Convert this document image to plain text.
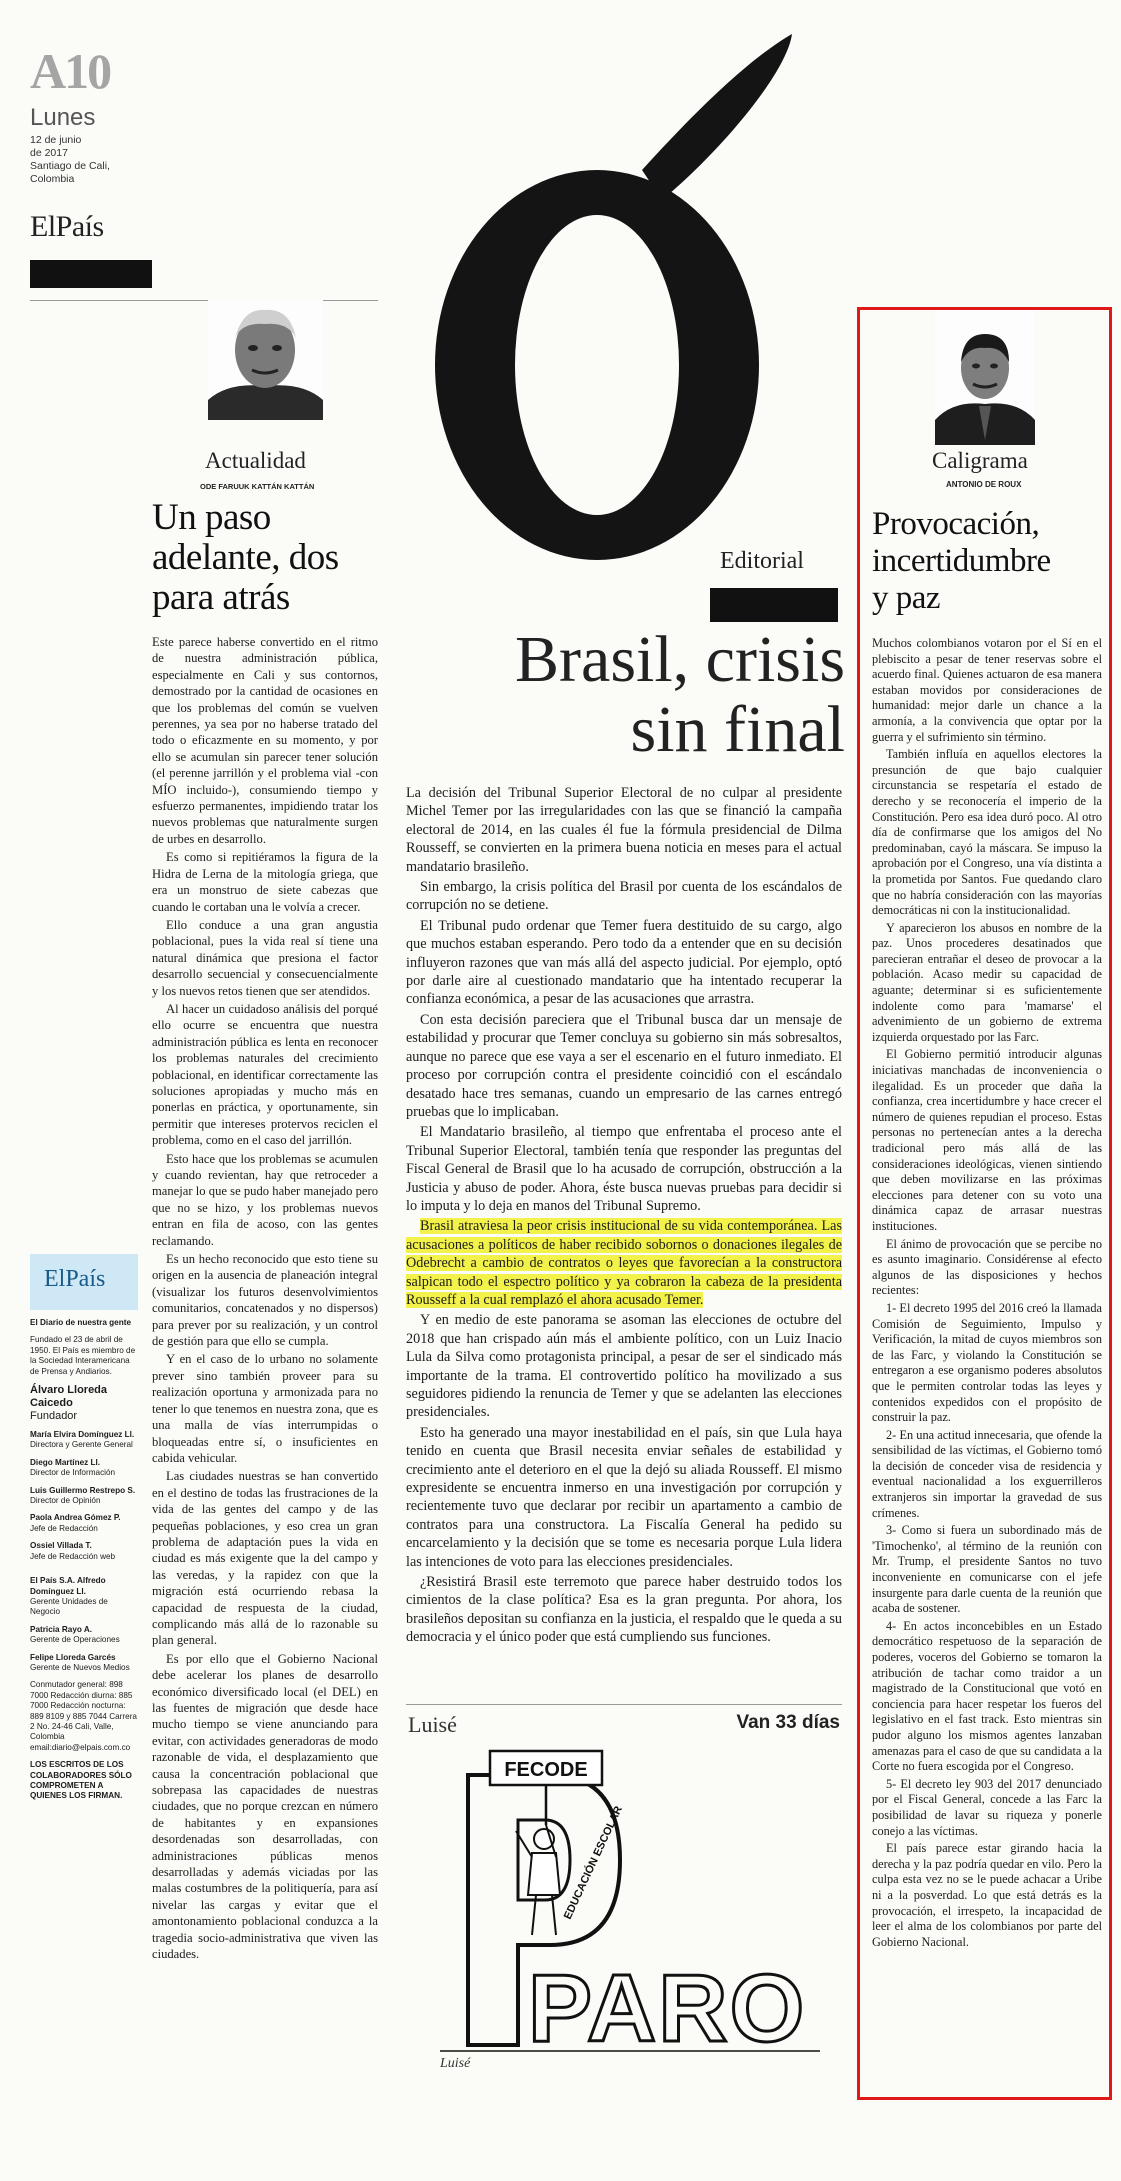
A10
Lunes
12 de junio
de 2017
Santiago de Cali,
Colombia
ElPaís
Actualidad
ODE FARUUK KATTÁN KATTÁN
Un paso
adelante, dos
para atrás

Este parece haberse convertido en el ritmo de nuestra administración pública, especialmente en Cali y sus contornos, demostrado por la cantidad de ocasiones en que los problemas del común se vuelven perennes, ya sea por no haberse tratado del todo o eficazmente en su momento, y por ello se acumulan sin parecer tener solución (el perenne jarrillón y el problema vial -con MÍO incluido-), consumiendo tiempo y esfuerzo permanentes, impidiendo tratar los nuevos problemas que naturalmente surgen de urbes en desarrollo.

Es como si repitiéramos la figura de la Hidra de Lerna de la mitología griega, que era un monstruo de siete cabezas que cuando le cortaban una le volvía a crecer.

Ello conduce a una gran angustia poblacional, pues la vida real sí tiene una natural dinámica que presiona el factor desarrollo secuencial y consecuencialmente y los nuevos retos tienen que ser atendidos.

Al hacer un cuidadoso análisis del porqué ello ocurre se encuentra que nuestra administración pública es lenta en reconocer los problemas naturales del crecimiento poblacional, en identificar correctamente las soluciones apropiadas y mucho más en ponerlas en práctica, y oportunamente, sin permitir que intereses protervos reciclen el problema, como en el caso del jarrillón.

Esto hace que los problemas se acumulen y cuando revientan, hay que retroceder a manejar lo que se pudo haber manejado pero que no se hizo, y los problemas nuevos entran en fila de acoso, con las gentes reclamando.

Es un hecho reconocido que esto tiene su origen en la ausencia de planeación integral (visualizar los futuros desenvolvimientos comunitarios, concatenados y no dispersos) para prever por su realización, y un control de gestión para que ello se cumpla.

Y en el caso de lo urbano no solamente prever sino también proveer para su realización oportuna y armonizada para no tener lo que tenemos en nuestra zona, que es una malla de vías interrumpidas o bloqueadas entre sí, o insuficientes en cabida vehicular.

Las ciudades nuestras se han convertido en el destino de todas las frustraciones de la vida de las gentes del campo y de las pequeñas poblaciones, y eso crea un gran problema de adaptación pues la vida en ciudad es más exigente que la del campo y las veredas, y la rapidez con que la migración está ocurriendo rebasa la capacidad de respuesta de la ciudad, complicando más allá de lo razonable su plan general.

Es por ello que el Gobierno Nacional debe acelerar los planes de desarrollo económico diversificado local (el DEL) en las fuentes de migración que desde hace mucho tiempo se viene anunciando para evitar, con actividades generadoras de modo razonable de vida, el desplazamiento que causa la concentración poblacional que sobrepasa las capacidades de nuestras ciudades, que no porque crezcan en número de habitantes y en expansiones desordenadas son desarrolladas, con administraciones públicas menos desarrolladas y además viciadas por las malas costumbres de la politiquería, para así nivelar las cargas y evitar que el amontonamiento poblacional conduzca a la tragedia socio-administrativa que viven las ciudades.

ElPaís

El Diario de nuestra gente

Fundado el 23 de abril de 1950. El País es miembro de la Sociedad Interamericana de Prensa y Andiarios.

Álvaro Lloreda Caicedo
Fundador

María Elvira Domínguez Ll.
Directora y Gerente General

Diego Martínez Ll.
Director de Información

Luis Guillermo Restrepo S.
Director de Opinión

Paola Andrea Gómez P.
Jefe de Redacción

Ossiel Villada T.
Jefe de Redacción web

El País S.A. Alfredo Domínguez Ll.
Gerente Unidades de Negocio

Patricia Rayo A.
Gerente de Operaciones

Felipe Lloreda Garcés
Gerente de Nuevos Medios

Conmutador general: 898 7000 Redacción diurna: 885 7000 Redacción nocturna: 889 8109 y 885 7044 Carrera 2 No. 24-46 Cali, Valle, Colombia email:diario@elpais.com.co

LOS ESCRITOS DE LOS COLABORADORES SÓLO COMPROMETEN A QUIENES LOS FIRMAN.

Editorial
Brasil, crisis
sin final

La decisión del Tribunal Superior Electoral de no culpar al presidente Michel Temer por las irregularidades con las que se financió la campaña electoral de 2014, en las cuales él fue la fórmula presidencial de Dilma Rousseff, se convierten en la primera buena noticia en meses para el actual mandatario brasileño.

Sin embargo, la crisis política del Brasil por cuenta de los escándalos de corrupción no se detiene.

El Tribunal pudo ordenar que Temer fuera destituido de su cargo, algo que muchos estaban esperando. Pero todo da a entender que en su decisión influyeron razones que van más allá del aspecto judicial. Por ejemplo, optó por darle aire al cuestionado mandatario que ha intentado recuperar la confianza económica, a pesar de las acusaciones que arrastra.

Con esta decisión pareciera que el Tribunal busca dar un mensaje de estabilidad y procurar que Temer concluya su gobierno sin más sobresaltos, aunque no parece que ese vaya a ser el escenario en el futuro inmediato. El proceso por corrupción contra el presidente coincidió con el escándalo desatado hace tres semanas, cuando un empresario de las carnes entregó pruebas que lo implicaban.

El Mandatario brasileño, al tiempo que enfrentaba el proceso ante el Tribunal Superior Electoral, también tenía que responder las preguntas del Fiscal General de Brasil que lo ha acusado de corrupción, obstrucción a la Justicia y abuso de poder. Ahora, éste busca nuevas pruebas para decidir si lo imputa y lo deja en manos del Tribunal Supremo.

Brasil atraviesa la peor crisis institucional de su vida contemporánea. Las acusaciones a políticos de haber recibido sobornos o donaciones ilegales de Odebrecht a cambio de contratos o leyes que favorecían a la constructora salpican todo el espectro político y ya cobraron la cabeza de la presidenta Rousseff a la cual remplazó el ahora acusado Temer.

Y en medio de este panorama se asoman las elecciones de octubre del 2018 que han crispado aún más el ambiente político, con un Luiz Inacio Lula da Silva como protagonista principal, a pesar de ser el sindicado más importante de la trama. El controvertido político ha movilizado a sus seguidores pidiendo la renuncia de Temer y que se adelanten las elecciones presidenciales.

Esto ha generado una mayor inestabilidad en el país, sin que Lula haya tenido en cuenta que Brasil necesita enviar señales de estabilidad y crecimiento ante el deterioro en el que la dejó su aliada Rousseff. El mismo expresidente se encuentra inmerso en una investigación por corrupción y recientemente tuvo que declarar por recibir un apartamento a cambio de contratos para una constructora. La Fiscalía General ha pedido su encarcelamiento y la decisión que se tome es necesaria porque Lula lidera las intenciones de voto para las elecciones presidenciales.

¿Resistirá Brasil este terremoto que parece haber destruido todos los cimientos de la clase política? Esa es la gran pregunta. Por ahora, los brasileños depositan su confianza en la justicia, el respaldo que le queda a su democracia y el único poder que está cumpliendo sus funciones.

Luisé	Van 33 días
FECODE
EDUCACIÓN ESCOLAR
PARO
Luisé
Caligrama
ANTONIO DE ROUX
Provocación,
incertidumbre
y paz

Muchos colombianos votaron por el Sí en el plebiscito a pesar de tener reservas sobre el acuerdo final. Quienes actuaron de esa manera estaban movidos por consideraciones de humanidad: mejor darle un chance a la armonía, a la convivencia que optar por la guerra y el sufrimiento sin término.

También influía en aquellos electores la presunción de que bajo cualquier circunstancia se respetaría el estado de derecho y se reconocería el imperio de la Constitución. Pero esa idea duró poco. Al otro día de confirmarse que los amigos del No predominaban, cayó la máscara. Se impuso la aprobación por el Congreso, una vía distinta a la prometida por Santos. Fue quedando claro que no habría consideración con las mayorías democráticas ni con la institucionalidad.

Y aparecieron los abusos en nombre de la paz. Unos procederes desatinados que parecieran entrañar el deseo de provocar a la población. Acaso medir su capacidad de aguante; determinar si es suficientemente indolente como para 'mamarse' el advenimiento de un gobierno de extrema izquierda orquestado por las Farc.

El Gobierno permitió introducir algunas iniciativas manchadas de inconveniencia o ilegalidad. Es un proceder que daña la confianza, crea incertidumbre y hace crecer el número de quienes repudian el proceso. Estas personas no pertenecían antes a la derecha tradicional pero más allá de las consideraciones ideológicas, vienen sintiendo que deben movilizarse en las próximas elecciones para detener con su voto una dinámica capaz de arrasar nuestras instituciones.

El ánimo de provocación que se percibe no es asunto imaginario. Considérense al efecto algunos de las disposiciones y hechos recientes:

1- El decreto 1995 del 2016 creó la llamada Comisión de Seguimiento, Impulso y Verificación, la mitad de cuyos miembros son de las Farc, y violando la Constitución se entregaron a ese organismo poderes absolutos que le permiten controlar todas las leyes y contenidos expedidos con el propósito de construir la paz.

2- En una actitud innecesaria, que ofende la sensibilidad de las víctimas, el Gobierno tomó la decisión de conceder visa de residencia y eventual nacionalidad a los exguerrilleros extranjeros sin importar la gravedad de sus crímenes.

3- Como si fuera un subordinado más de 'Timochenko', al término de la reunión con Mr. Trump, el presidente Santos no tuvo inconveniente en comunicarse con el jefe insurgente para darle cuenta de la reunión que acaba de sostener.

4- En actos inconcebibles en un Estado democrático respetuoso de la separación de poderes, voceros del Gobierno se tomaron la atribución de tachar como traidor a un magistrado de la Constitucional que votó en conciencia para hacer respetar los fueros del legislativo en el fast track. Esto mientras sin pudor alguno los mismos agentes lanzaban amenazas para el caso de que su candidata a la Corte no fuera escogida por el Congreso.

5- El decreto ley 903 del 2017 denunciado por el Fiscal General, concede a las Farc la posibilidad de lavar su riqueza y ponerle conejo a las víctimas.

El país parece estar girando hacia la derecha y la paz podría quedar en vilo. Pero la culpa esta vez no se le puede achacar a Uribe ni a la posverdad. Lo que está detrás es la provocación, el irrespeto, la incapacidad de leer el alma de los colombianos por parte del Gobierno Nacional.
